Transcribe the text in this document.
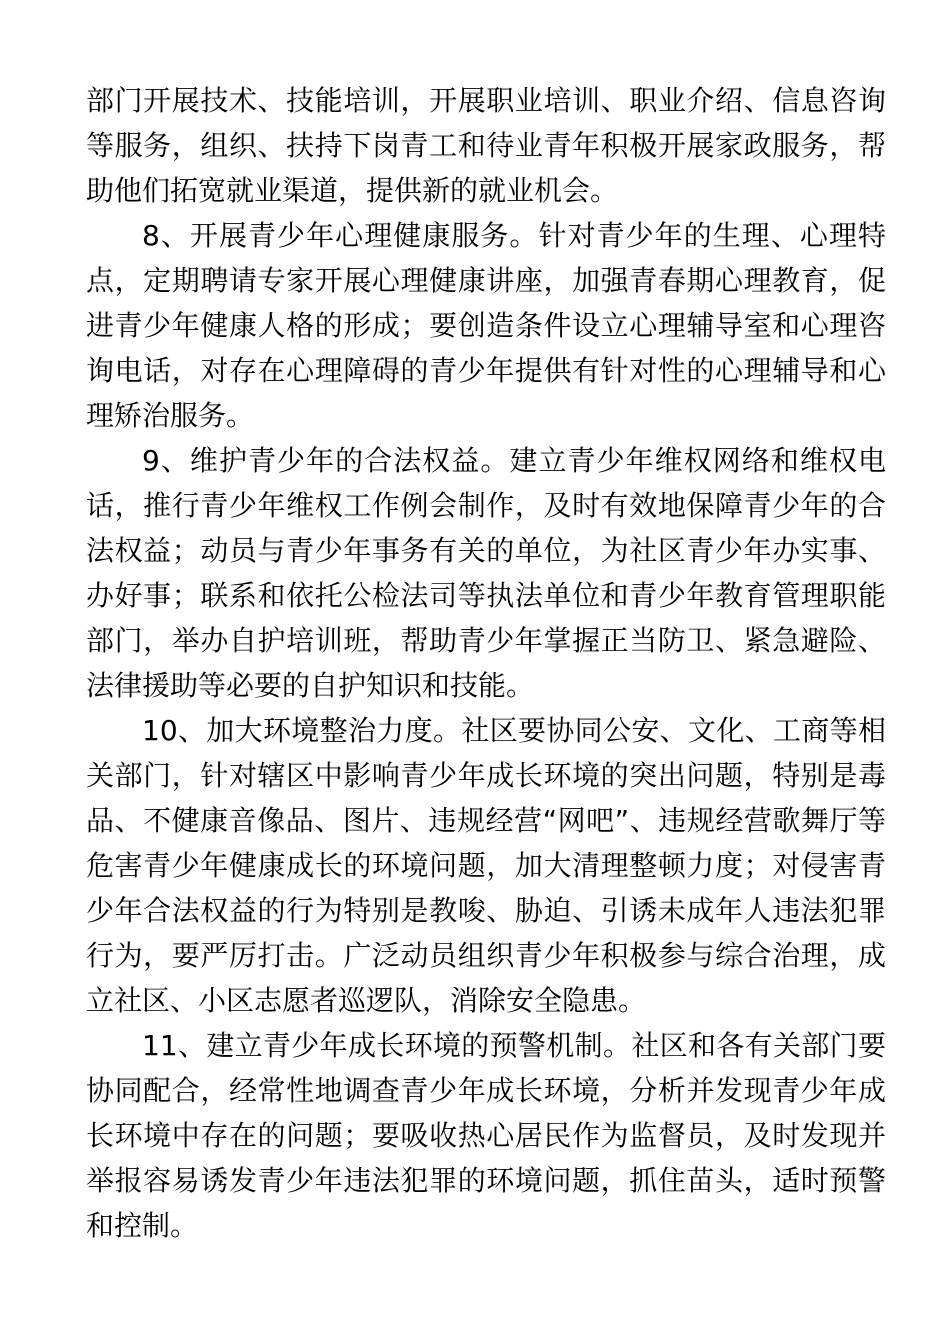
部门开展技术、技能培训，开展职业培训、职业介绍、信息咨询等服务，组织、扶持下岗青工和待业青年积极开展家政服务，帮助他们拓宽就业渠道，提供新的就业机会。

8、开展青少年心理健康服务。针对青少年的生理、心理特点，定期聘请专家开展心理健康讲座，加强青春期心理教育，促进青少年健康人格的形成；要创造条件设立心理辅导室和心理咨询电话，对存在心理障碍的青少年提供有针对性的心理辅导和心理矫治服务。

9、维护青少年的合法权益。建立青少年维权网络和维权电话，推行青少年维权工作例会制作，及时有效地保障青少年的合法权益；动员与青少年事务有关的单位，为社区青少年办实事、办好事；联系和依托公检法司等执法单位和青少年教育管理职能部门，举办自护培训班，帮助青少年掌握正当防卫、紧急避险、法律援助等必要的自护知识和技能。

10、加大环境整治力度。社区要协同公安、文化、工商等相关部门，针对辖区中影响青少年成长环境的突出问题，特别是毒品、不健康音像品、图片、违规经营“网吧”、违规经营歌舞厅等危害青少年健康成长的环境问题，加大清理整顿力度；对侵害青少年合法权益的行为特别是教唆、胁迫、引诱未成年人违法犯罪行为，要严厉打击。广泛动员组织青少年积极参与综合治理，成立社区、小区志愿者巡逻队，消除安全隐患。

11、建立青少年成长环境的预警机制。社区和各有关部门要协同配合，经常性地调查青少年成长环境，分析并发现青少年成长环境中存在的问题；要吸收热心居民作为监督员，及时发现并举报容易诱发青少年违法犯罪的环境问题，抓住苗头，适时预警和控制。
